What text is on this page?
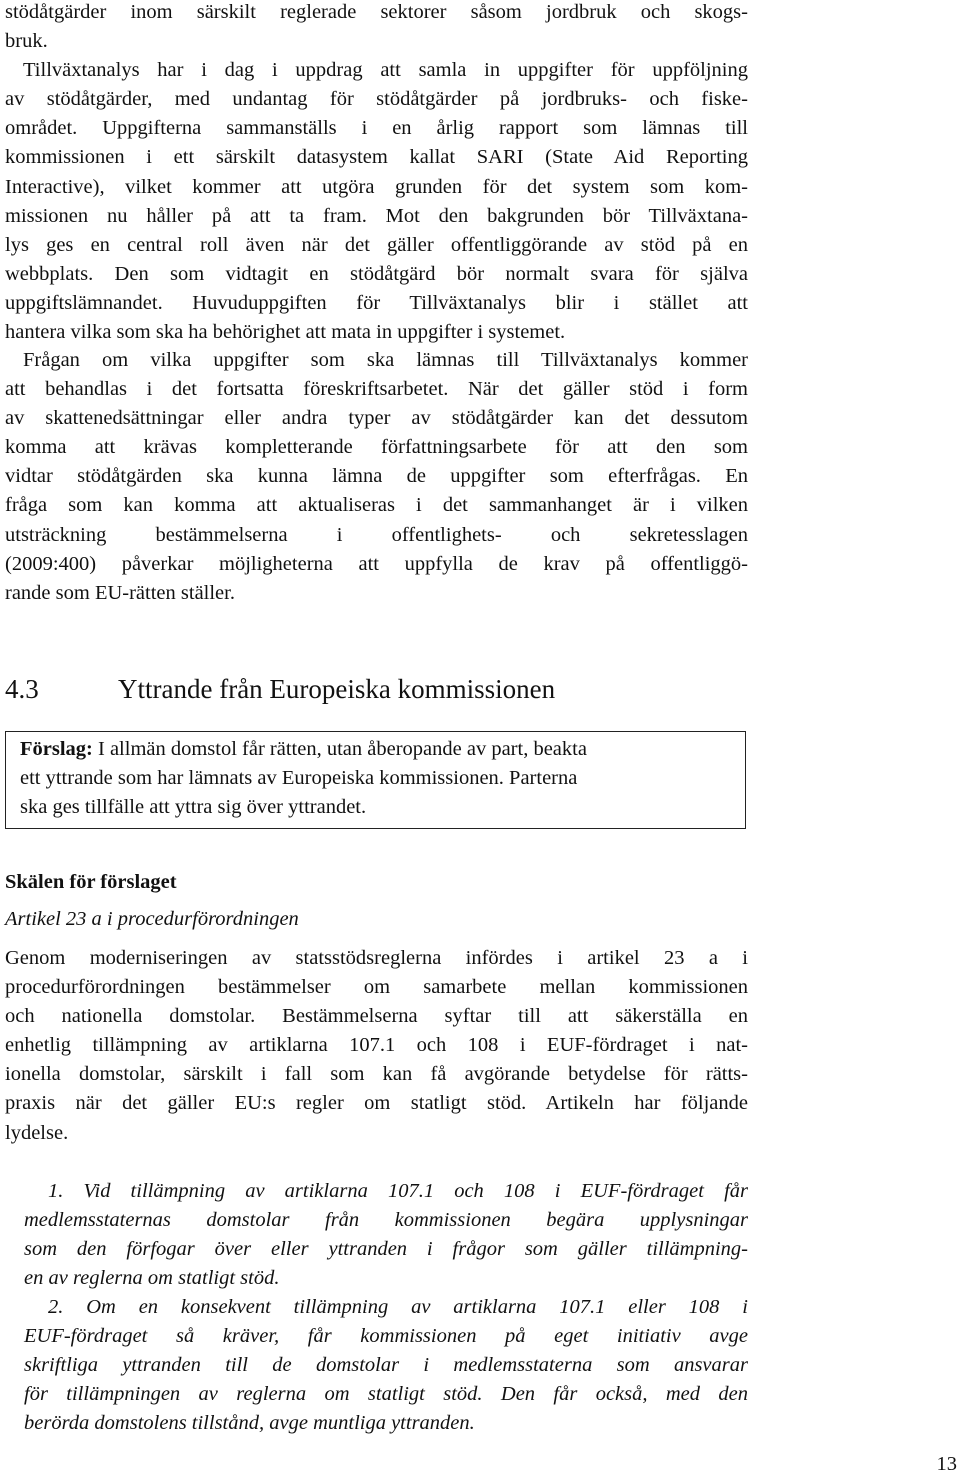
stödåtgärder inom särskilt reglerade sektorer såsom jordbruk och skogs-
bruk.
Tillväxtanalys har i dag i uppdrag att samla in uppgifter för uppföljning
av stödåtgärder, med undantag för stödåtgärder på jordbruks- och fiske-
området. Uppgifterna sammanställs i en årlig rapport som lämnas till
kommissionen i ett särskilt datasystem kallat SARI (State Aid Reporting
Interactive), vilket kommer att utgöra grunden för det system som kom-
missionen nu håller på att ta fram. Mot den bakgrunden bör Tillväxtana-
lys ges en central roll även när det gäller offentliggörande av stöd på en
webbplats. Den som vidtagit en stödåtgärd bör normalt svara för själva
uppgiftslämnandet. Huvuduppgiften för Tillväxtanalys blir i stället att
hantera vilka som ska ha behörighet att mata in uppgifter i systemet.

Frågan om vilka uppgifter som ska lämnas till Tillväxtanalys kommer
att behandlas i det fortsatta föreskriftsarbetet. När det gäller stöd i form
av skattenedsättningar eller andra typer av stödåtgärder kan det dessutom
komma att krävas kompletterande författningsarbete för att den som
vidtar stödåtgärden ska kunna lämna de uppgifter som efterfrågas. En
fråga som kan komma att aktualiseras i det sammanhanget är i vilken
utsträckning bestämmelserna i offentlighets- och sekretesslagen
(2009:400) påverkar möjligheterna att uppfylla de krav på offentliggö-
rande som EU-rätten ställer.

4.3	Yttrande från Europeiska kommissionen
Förslag: I allmän domstol får rätten, utan åberopande av part, beakta
ett yttrande som har lämnats av Europeiska kommissionen. Parterna
ska ges tillfälle att yttra sig över yttrandet.
Skälen för förslaget
Artikel 23 a i procedurförordningen

Genom moderniseringen av statsstödsreglerna infördes i artikel 23 a i
procedurförordningen bestämmelser om samarbete mellan kommissionen
och nationella domstolar. Bestämmelserna syftar till att säkerställa en
enhetlig tillämpning av artiklarna 107.1 och 108 i EUF-fördraget i nat-
ionella domstolar, särskilt i fall som kan få avgörande betydelse för rätts-
praxis när det gäller EU:s regler om statligt stöd. Artikeln har följande
lydelse.

1. Vid tillämpning av artiklarna 107.1 och 108 i EUF-fördraget får
medlemsstaternas domstolar från kommissionen begära upplysningar
som den förfogar över eller yttranden i frågor som gäller tillämpning-
en av reglerna om statligt stöd.

2. Om en konsekvent tillämpning av artiklarna 107.1 eller 108 i
EUF-fördraget så kräver, får kommissionen på eget initiativ avge
skriftliga yttranden till de domstolar i medlemsstaterna som ansvarar
för tillämpningen av reglerna om statligt stöd. Den får också, med den
berörda domstolens tillstånd, avge muntliga yttranden.

13
